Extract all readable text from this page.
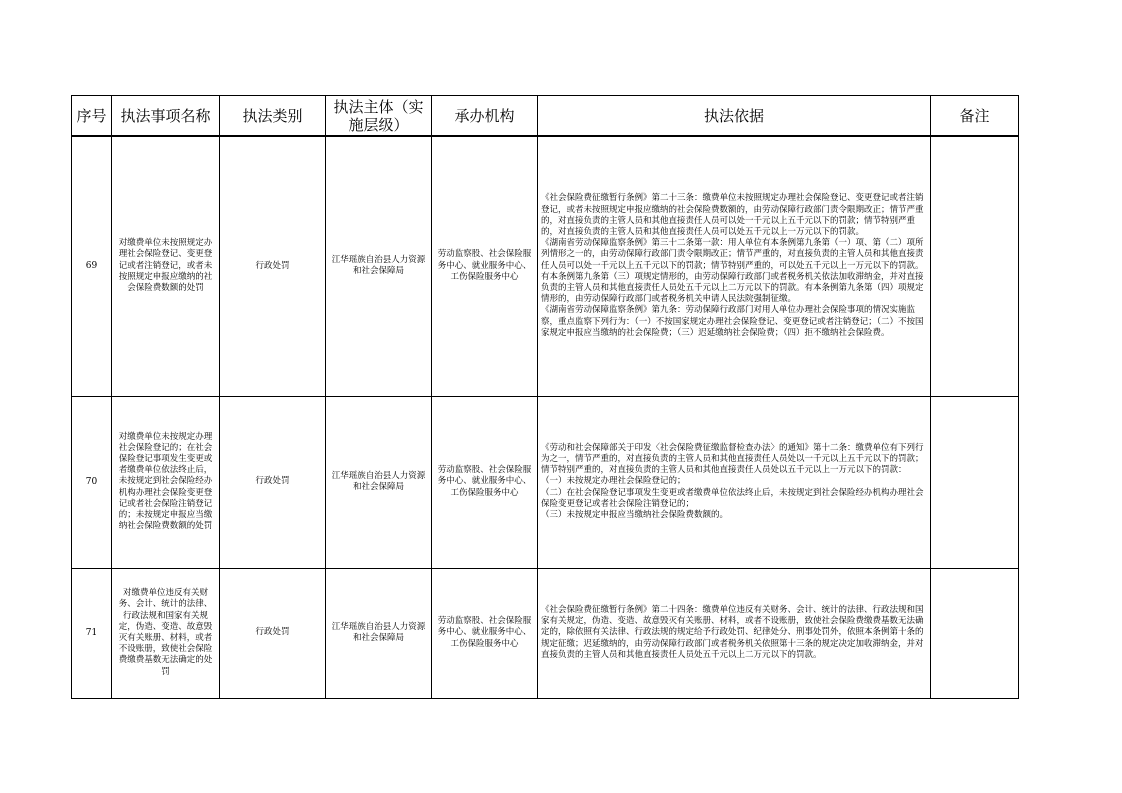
序号	执法事项名称	执法类别	执法主体（实施层级）	承办机构	执法依据	备注
69	对缴费单位未按照规定办理社会保险登记、变更登记或者注销登记，或者未按照规定申报应缴纳的社会保险费数额的处罚	行政处罚	江华瑶族自治县人力资源和社会保障局	劳动监察股、社会保险服务中心、就业服务中心、工伤保险服务中心	《社会保险费征缴暂行条例》第二十三条：缴费单位未按照规定办理社会保险登记、变更登记或者注销登记，或者未按照规定申报应缴纳的社会保险费数额的，由劳动保障行政部门责令限期改正；情节严重的，对直接负责的主管人员和其他直接责任人员可以处一千元以上五千元以下的罚款；情节特别严重的，对直接负责的主管人员和其他直接责任人员可以处五千元以上一万元以下的罚款。

《湖南省劳动保障监察条例》第三十二条第一款：用人单位有本条例第九条第（一）项、第（二）项所列情形之一的，由劳动保障行政部门责令限期改正；情节严重的，对直接负责的主管人员和其他直接责任人员可以处一千元以上五千元以下的罚款；情节特别严重的，可以处五千元以上一万元以下的罚款。有本条例第九条第（三）项规定情形的，由劳动保障行政部门或者税务机关依法加收滞纳金，并对直接负责的主管人员和其他直接责任人员处五千元以上二万元以下的罚款。有本条例第九条第（四）项规定情形的，由劳动保障行政部门或者税务机关申请人民法院强制征缴。

《湖南省劳动保障监察条例》第九条：劳动保障行政部门对用人单位办理社会保险事项的情况实施监察，重点监察下列行为：（一）不按国家规定办理社会保险登记、变更登记或者注销登记；（二）不按国家规定申报应当缴纳的社会保险费；（三）迟延缴纳社会保险费；（四）拒不缴纳社会保险费。	

70	对缴费单位未按规定办理社会保险登记的；在社会保险登记事项发生变更或者缴费单位依法终止后，未按规定到社会保险经办机构办理社会保险变更登记或者社会保险注销登记的；未按规定申报应当缴纳社会保险费数额的处罚	行政处罚	江华瑶族自治县人力资源和社会保障局	劳动监察股、社会保险服务中心、就业服务中心、工伤保险服务中心	《劳动和社会保障部关于印发〈社会保险费征缴监督检查办法〉的通知》第十二条：缴费单位有下列行为之一，情节严重的，对直接负责的主管人员和其他直接责任人员处以一千元以上五千元以下的罚款；情节特别严重的，对直接负责的主管人员和其他直接责任人员处以五千元以上一万元以下的罚款：

（一）未按规定办理社会保险登记的；

（二）在社会保险登记事项发生变更或者缴费单位依法终止后，未按规定到社会保险经办机构办理社会保险变更登记或者社会保险注销登记的；

（三）未按规定申报应当缴纳社会保险费数额的。	

71	对缴费单位违反有关财务、会计、统计的法律、行政法规和国家有关规定，伪造、变造、故意毁灭有关账册、材料，或者不设账册，致使社会保险费缴费基数无法确定的处罚	行政处罚	江华瑶族自治县人力资源和社会保障局	劳动监察股、社会保险服务中心、就业服务中心、工伤保险服务中心	《社会保险费征缴暂行条例》第二十四条：缴费单位违反有关财务、会计、统计的法律、行政法规和国家有关规定，伪造、变造、故意毁灭有关账册、材料，或者不设账册，致使社会保险费缴费基数无法确定的，除依照有关法律、行政法规的规定给予行政处罚、纪律处分、刑事处罚外，依照本条例第十条的规定征缴；迟延缴纳的，由劳动保障行政部门或者税务机关依照第十三条的规定决定加收滞纳金，并对直接负责的主管人员和其他直接责任人员处五千元以上二万元以下的罚款。	
